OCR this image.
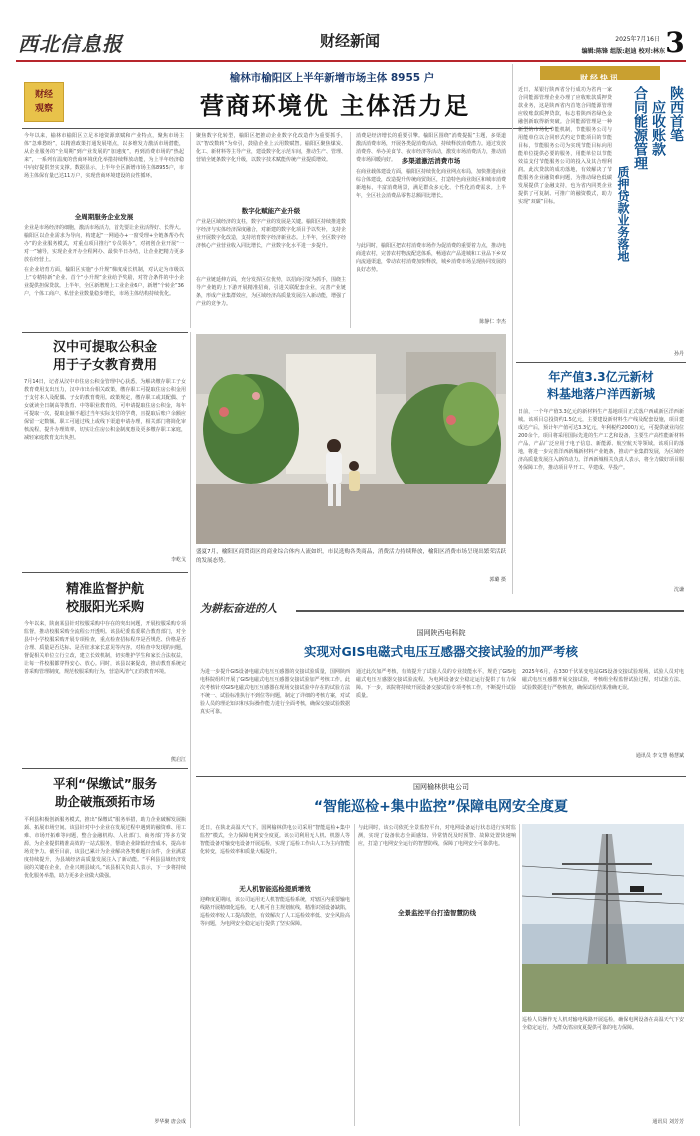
西北信息报	财经新闻	2025年7月16日
编辑:陈锋 组版:赵迪 校对:林东 3
榆林市榆阳区上半年新增市场主体 8955 户
财经
观察	营商环境优 主体活力足
今年以来，榆林市榆阳区立足本地资源禀赋和产业特点，聚焦市场主体“急难愁盼”，以精准政策打通发展堵点，以多维发力激活市场潜能，从企业服务的“全周期”到产业发展的“加速度”，再到消费市场的“热起来”，一系列有温度的营商环境优化举措持续释放动能，为上半年经济稳中向好提供坚实支撑。数据显示，上半年全区新增市场主体8955户，市场主体保有量已达11万户，实现营商环境建设的良性循环。
全周期服务企业发展
企业是市场经济的细胞，激活市场活力，首先要让企业活得好、长得大。榆阳区以企业需求为导向，构建起“一网通办+一窗受理+全链条帮办代办”的企业服务模式，对重点项目推行“专员领办”，对初创企业开展“一对一”辅导，实现企业开办全程网办、最快半日办结，让企业把精力更多放在经营上。
在企业培育方面，榆阳区实施“小升规”梯度成长机制，对认定为市级以上“专精特新”企业、首个“小升规”企业给予奖励，对符合条件的中小企业提供担保贷款。上半年，全区新增规上工业企业6户，新增“个转企”36户，个体工商户、私营企业数量稳步增长，市场主体结构持续优化。
聚焦数字化转型，榆阳区把推动企业数字化改造作为重要抓手，以“智改数转”为牵引，鼓励企业上云用数赋智。榆阳区聚焦煤炭、化工、新材料等主导产业，建设数字化示范车间，推动生产、管理、营销全链条数字化升级，以数字技术赋能传统产业提质增效。
数字化赋能产业升级
产业是区域经济的支柱，数字产业的发展是关键。榆阳区持续推进数字经济与实体经济深度融合，对新建的数字化项目予以奖补，支持企业开展数字化改造，支持培育数字经济新业态。上半年，全区数字经济核心产业营业收入同比增长，产业数字化水平进一步提升。
在产业链延伸方面，充分发挥区位优势，以招商引资为抓手，围绕主导产业链的上下游开展精准招商，引进关联配套企业，完善产业链条，形成产业集群效应，为区域经济高质量发展注入新动能，增强了产业的竞争力。
消费是经济增长的重要引擎。榆阳区围绕“消费提振”主题，多渠道激活消费市场，开展各类促消费活动，持续释放消费潜力。通过发放消费券、举办美食节、夜市经济等活动，激发市场消费活力，推动消费市场回暖向好。 多渠道激活消费市场
在商业载体建设方面，榆阳区持续优化商业网点布局，加快推进商业综合体建设，改造提升传统商贸街区，打造特色商业街区和城市消费新地标，丰富消费场景，满足群众多元化、个性化消费需求。上半年，全区社会消费品零售总额同比增长。
与此同时，榆阳区把农村消费市场作为促消费的重要着力点，推动电商进农村，完善农村物流配送体系，畅通农产品进城和工业品下乡双向流通渠道，带动农村消费加快释放，城乡消费市场呈现协同发展的良好态势。
陈静仁 李杰
盛夏7月，榆阳区商贸街区的商业综合体内人流如织，市民选购各类商品，消费活力持续释放，榆阳区消费市场呈现出繁荣活跃的发展态势。
郭璐 摄
汉中可提取公积金
用于子女教育费用
7月14日，记者从汉中市住房公积金管理中心获悉，为解决缴存职工子女教育费用支出压力，汉中市出台相关政策，缴存职工可提取住房公积金用于支付本人及配偶、子女的教育费用。政策规定，缴存职工或其配偶、子女就读全日制高等教育、中等职业教育的，可申请提取住房公积金，每年可提取一次，提取金额不超过当年实际支付的学费，且提取后账户余额应保留一定数额。职工可通过线上或线下渠道申请办理，相关部门将简化审核流程，提升办理效率，切实让住房公积金制度惠及更多缴存职工家庭，减轻家庭教育支出负担。
李屹戈
精准监督护航
校服阳光采购
今年以来，陕南某县针对校服采购中存在的突出问题，开展校服采购专项监督，推动校服采购全流程公开透明。该县纪委监委联合教育部门，对全县中小学校服采购开展专项检查，重点检查招标程序是否规范、价格是否合理、质量是否达标、是否征求家长意见等内容。对检查中发现的问题，督促相关单位立行立改，建立长效机制，切实维护学生和家长合法权益，让每一件校服都穿得安心、放心。同时，该县以案促改，推动教育系统完善采购管理制度，规范校服采购行为，营造风清气正的教育环境。
熊启江
平利“保缴试”服务
助企破瓶颈拓市场
平利县积极创新服务模式，推出“保缴试”服务举措，助力企业破解发展瓶颈、拓展市场空间。该县针对中小企业在发展过程中遇到的融资难、用工难、市场开拓难等问题，整合金融机构、人社部门、商务部门等多方资源，为企业提供精准高效的一站式服务，帮助企业降低经营成本，提高市场竞争力。截至目前，该县已累计为企业解决各类难题百余件，企业满意度持续提升，为县域经济高质量发展注入了新动能。“平利县县域经济发展的关键在企业，企业兴则县域兴。”该县相关负责人表示，下一步将持续优化服务举措，助力更多企业做大做强。
罗华聚 唐会成
财经快讯
近日，某银行陕西省分行成功为省内一家合同能源管理企业办理了应收账款质押贷款业务，这是陕西省内首笔合同能源管理应收账款质押贷款，标志着陕西省绿色金融创新取得新突破。合同能源管理是一种新型的市场化节能机制，节能服务公司与用能单位以合同形式约定节能项目的节能目标，节能服务公司为实现节能目标向用能单位提供必要的服务，用能单位以节能效益支付节能服务公司的投入及其合理利润。此次贷款的成功落地，有效解决了节能服务企业融资难问题，为推动绿色低碳发展提供了金融支持，也为省内同类企业提供了可复制、可推广的融资模式，助力实现“双碳”目标。
陕西首笔
应收账款
合同能源管理
质押贷款业务落地
孙丹
年产值3.3亿元新材
料基地落户洋西新城
日前，一个年产值3.3亿元的新材料生产基地项目正式落户西咸新区洋西新城。该项目总投资约1.5亿元，主要建设新材料生产线及配套设施，项目建成达产后，预计年产值可达3.3亿元，年利税约2000万元，可提供就业岗位200余个。项目将采用国际先进的生产工艺和设备，主要生产高性能新材料产品，产品广泛应用于电子信息、新能源、航空航天等领域。该项目的落地，将进一步完善洋西新城新材料产业链条，推动产业集群发展，为区域经济高质量发展注入新的动力。洋西新城相关负责人表示，将全力做好项目服务保障工作，推动项目早开工、早建成、早投产。
沈谦
为耕耘奋进的人
国网陕西电科院
实现对GIS电磁式电压互感器交接试验的加严考核
为进一步提升GIS设备电磁式电压互感器的交接试验质量，国网陕西电科院组织开展了GIS电磁式电压互感器交接试验加严考核工作。此次考核针对GIS电磁式电压互感器在现场交接试验中存在的试验方法不统一、试验标准执行不到位等问题，制定了详细的考核方案，对试验人员的理论知识和实际操作能力进行全面考核，确保交接试验数据真实可靠。
通过此次加严考核，有效提升了试验人员的专业技能水平，规范了GIS电磁式电压互感器交接试验流程，为电网设备安全稳定运行提供了有力保障。下一步，该院将持续开展设备交接试验专项考核工作，不断提升试验质量。
2025年6月，在330千伏某变电站GIS设备交接试验现场，试验人员对电磁式电压互感器开展交接试验，考核组全程监督试验过程，对试验方法、试验数据进行严格核查，确保试验结果准确无误。
通讯员 李文慧 杨慧斌
国网榆林供电公司
“智能巡检+集中监控”保障电网安全度夏
近日，在陕北高温天气下，国网榆林供电公司采用“智能巡检+集中监控”模式，全力保障电网安全度夏。该公司利用无人机、机器人等智能设备对输变电设备开展巡检，实现了巡检工作由人工为主向智能化转变，巡检效率和质量大幅提升。
无人机智能巡检提质增效
迎峰度夏期间，该公司运用无人机智能巡检系统，对辖区内重要输电线路开展精细化巡检，无人机可自主规划航线，精准识别设备缺陷，巡检效率较人工提高数倍，有效解决了人工巡检效率低、安全风险高等问题，为电网安全稳定运行提供了坚实保障。
与此同时，该公司依托全景监控平台，对电网设备运行状态进行实时监测，实现了设备状态全面感知、异常情况及时预警、故障处置快速响应，打造了电网安全运行的智慧防线，保障了电网安全可靠供电。
全景监控平台打造智慧防线
巡检人员操作无人机对输电线路开展巡检，确保电网设备在高温天气下安全稳定运行，为群众清凉度夏提供可靠的电力保障。
通讯员 刘芳芳
